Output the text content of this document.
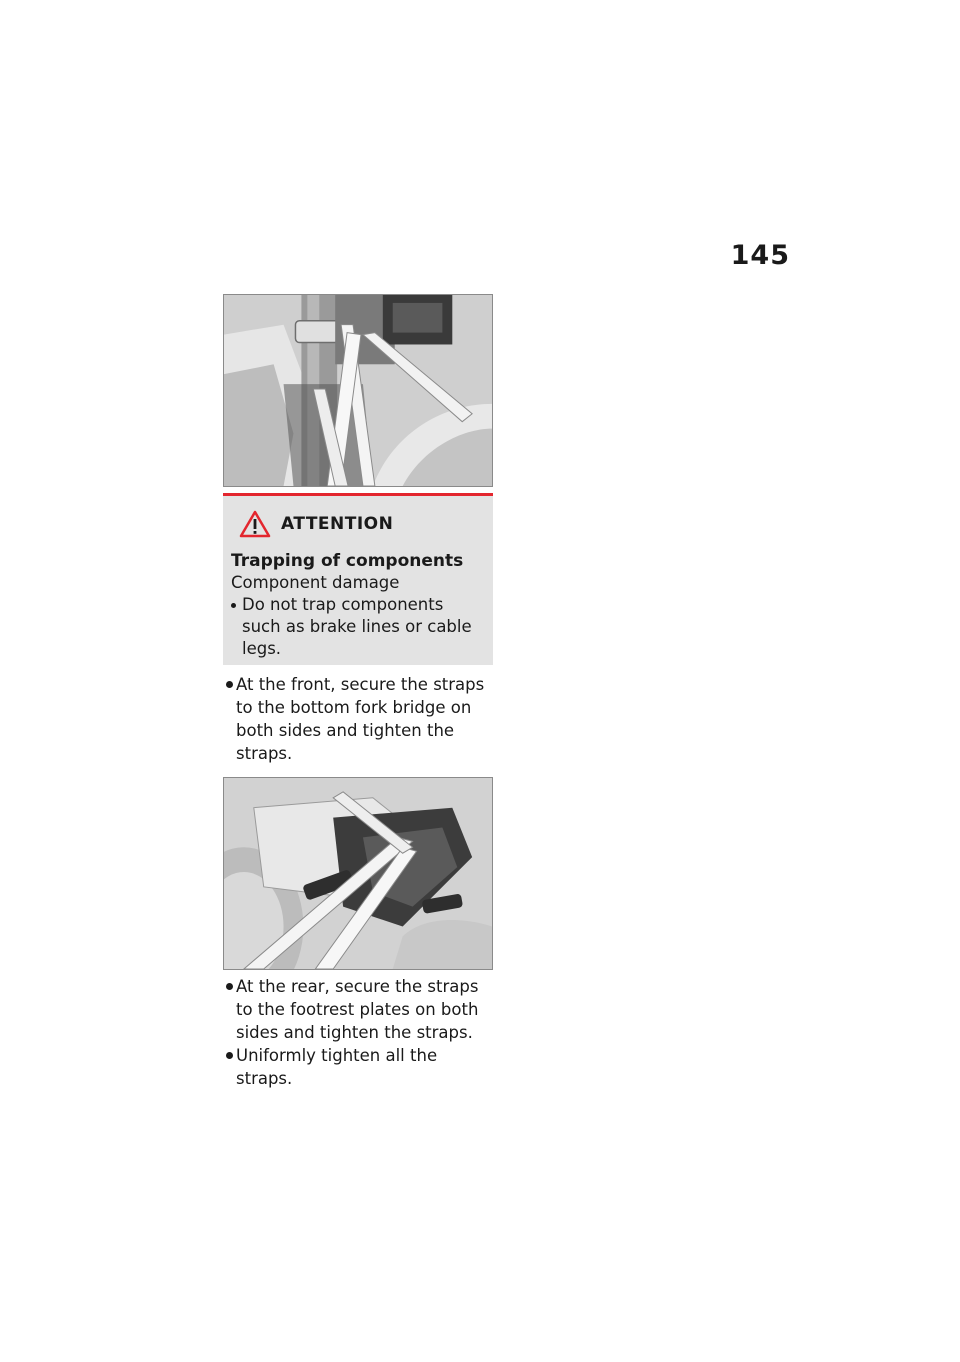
145
ATTENTION
Trapping of components
Component damage
Do not trap components such as brake lines or cable legs.
At the front, secure the straps to the bottom fork bridge on both sides and tighten the straps.
At the rear, secure the straps to the footrest plates on both sides and tighten the straps.
Uniformly tighten all the straps.
